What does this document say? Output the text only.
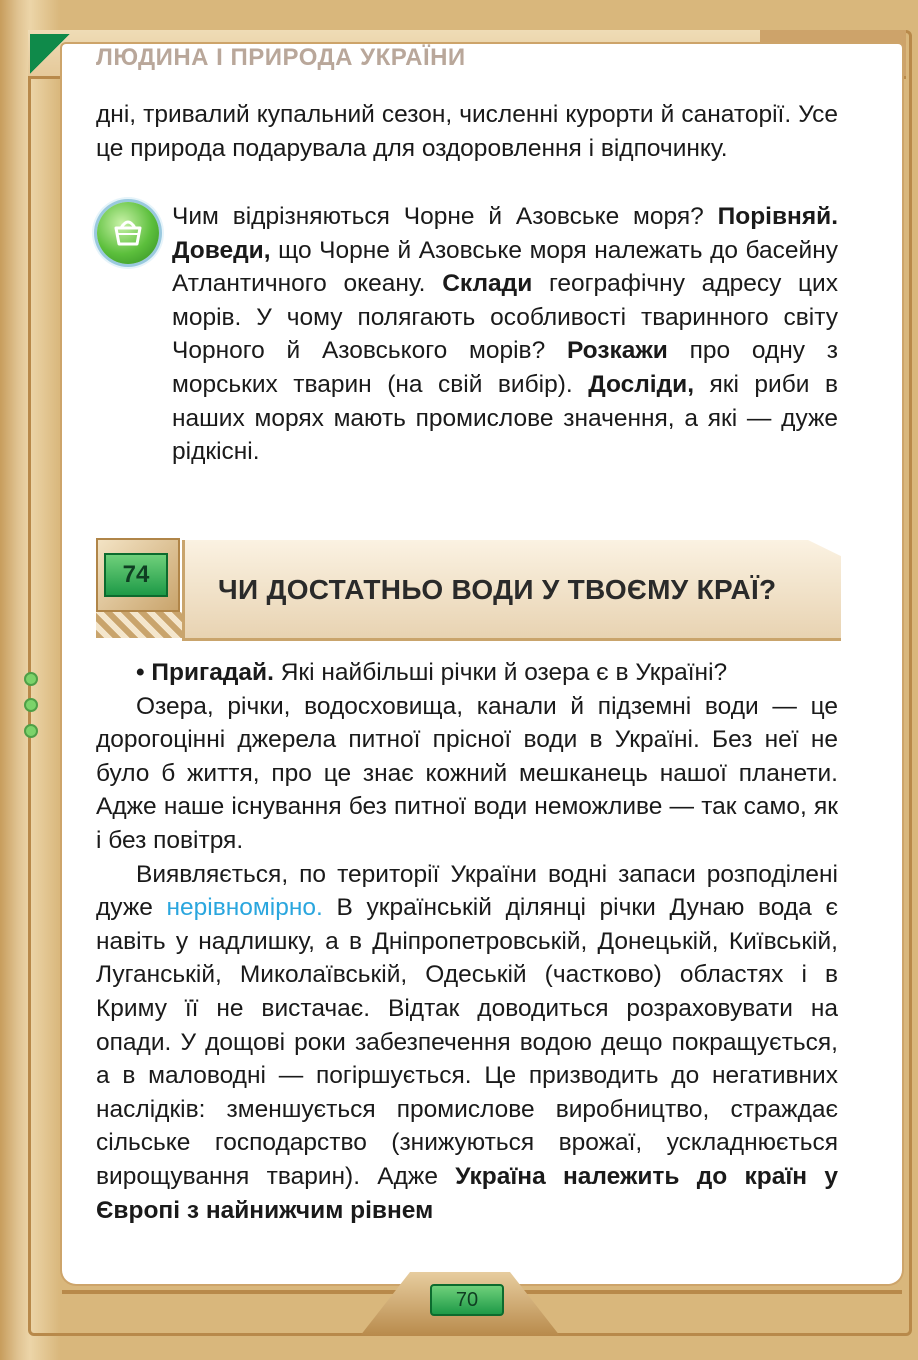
ЛЮДИНА І ПРИРОДА УКРАЇНИ

дні, тривалий купальний сезон, численні курорти й санаторії. Усе це природа подарувала для оздоровлення і відпочинку.

Чим відрізняються Чорне й Азовське моря? Порівняй. Доведи, що Чорне й Азовське моря належать до басейну Атлантичного океану. Склади географічну адресу цих морів. У чому полягають особливості тваринного світу Чорного й Азовського морів? Розкажи про одну з морських тварин (на свій вибір). Досліди, які риби в наших морях мають промислове значення, а які — дуже рідкісні.

74	ЧИ ДОСТАТНЬО ВОДИ У ТВОЄМУ КРАЇ?

• Пригадай. Які найбільші річки й озера є в Україні?

Озера, річки, водосховища, канали й підземні води — це дорогоцінні джерела питної прісної води в Україні. Без неї не було б життя, про це знає кожний мешканець нашої планети. Адже наше існування без питної води неможливе — так само, як і без повітря.

Виявляється, по території України водні запаси розподілені дуже нерівномірно. В українській ділянці річки Дунаю вода є навіть у надлишку, а в Дніпропетровській, Донецькій, Київській, Луганській, Миколаївській, Одеській (частково) областях і в Криму її не вистачає. Відтак доводиться розраховувати на опади. У дощові роки забезпечення водою дещо покращується, а в маловодні — погіршується. Це призводить до негативних наслідків: зменшується промислове виробництво, страждає сільське господарство (знижуються врожаї, ускладнюється вирощування тварин). Адже Україна належить до країн у Європі з найнижчим рівнем

70
